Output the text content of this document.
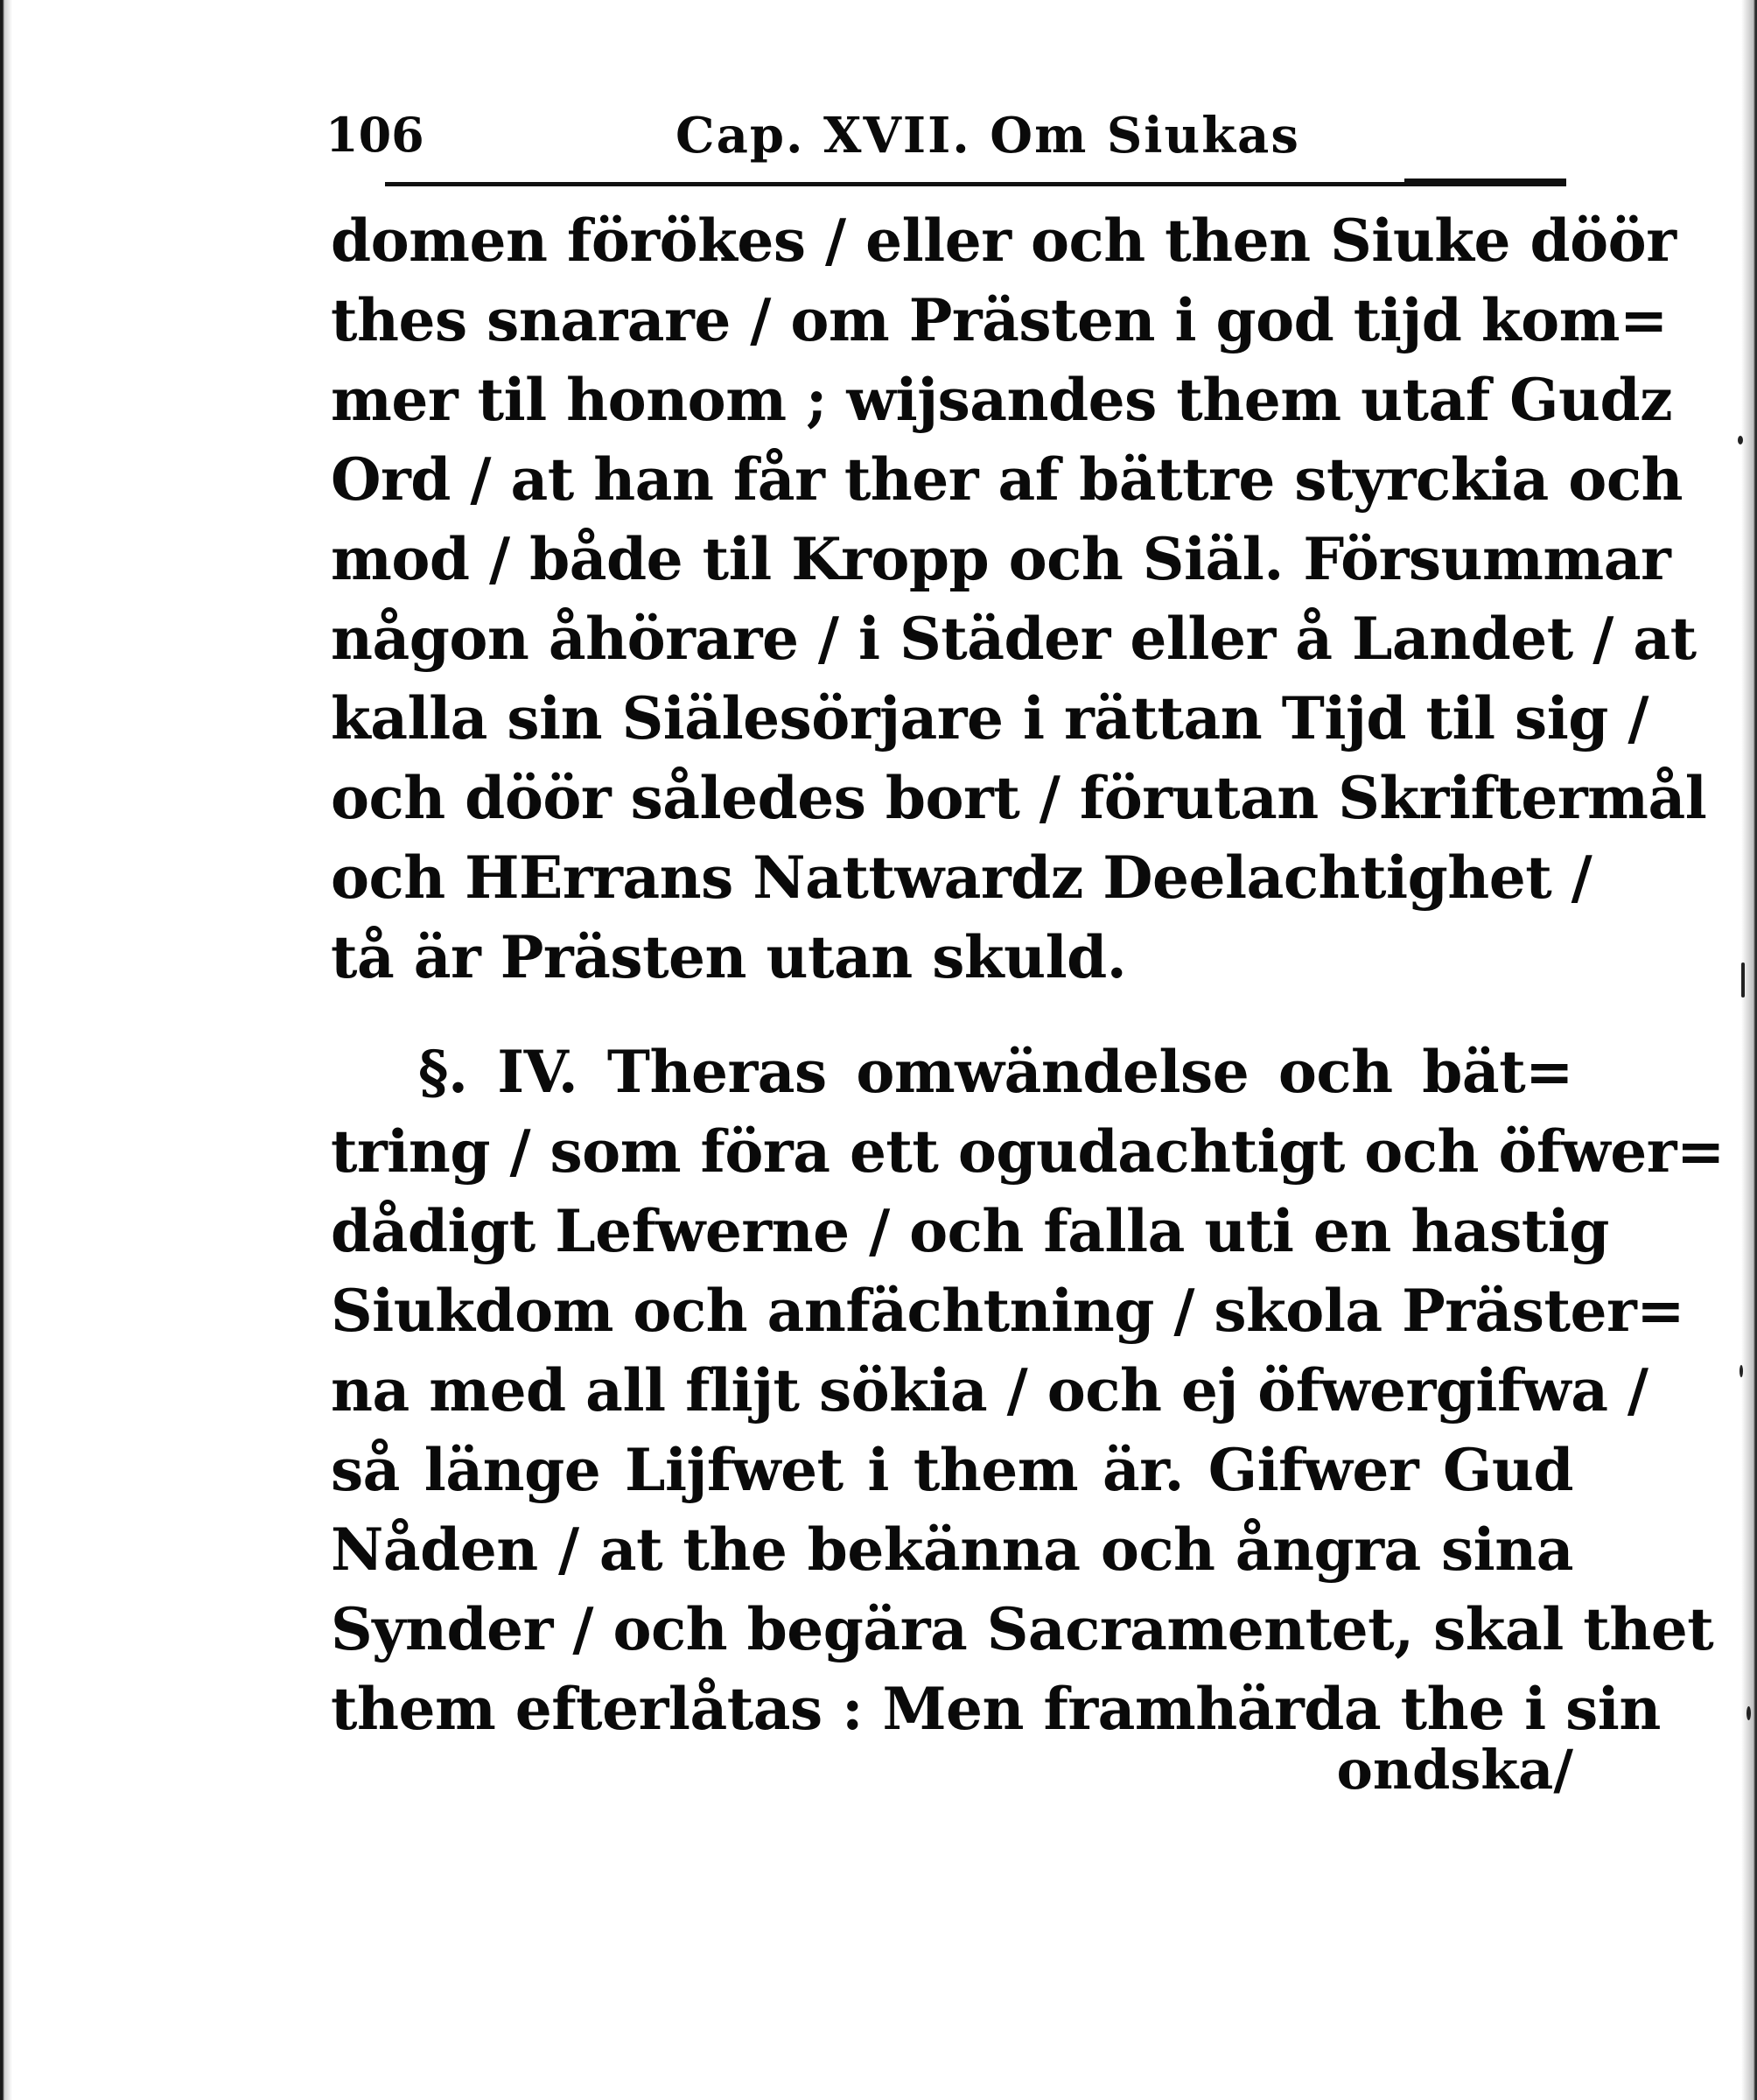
106	Cap. XVII. Om Siukas
domen förökes / eller och then Siuke döör
thes snarare / om Prästen i god tijd kom=
mer til honom ; wijsandes them utaf Gudz
Ord / at han får ther af bättre styrckia och
mod / både til Kropp och Siäl. Försummar
någon åhörare / i Städer eller å Landet / at
kalla sin Siälesörjare i rättan Tijd til sig /
och döör således bort / förutan Skriftermål
och HErrans Nattwardz Deelachtighet /
tå är Prästen utan skuld.
§. IV. Theras omwändelse och bät=
tring / som föra ett ogudachtigt och öfwer=
dådigt Lefwerne / och falla uti en hastig
Siukdom och anfächtning / skola Präster=
na med all flijt sökia / och ej öfwergifwa /
så länge Lijfwet i them är. Gifwer Gud
Nåden / at the bekänna och ångra sina
Synder / och begära Sacramentet, skal thet
them efterlåtas : Men framhärda the i sin
ondska/
